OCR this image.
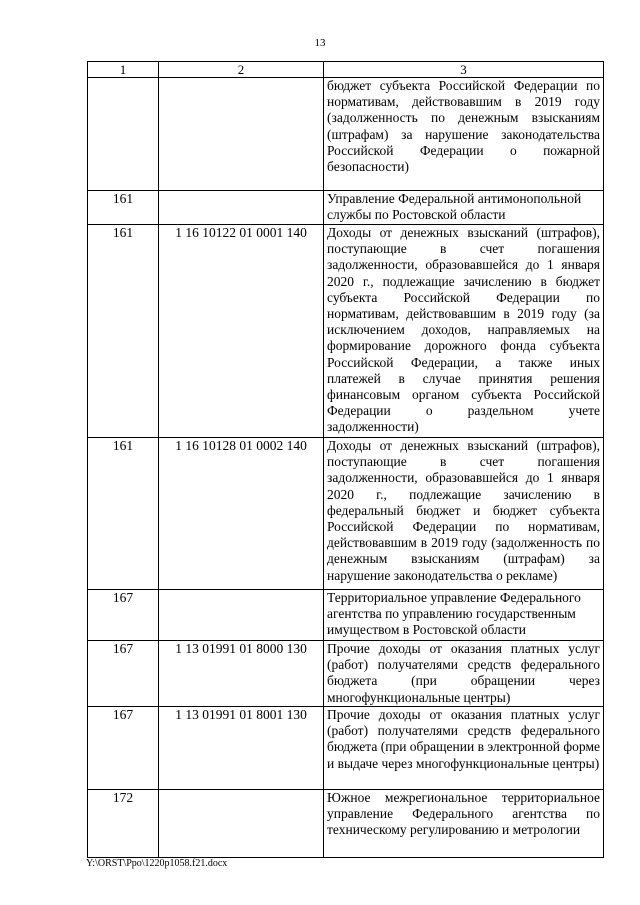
13
1	2	3
		бюджет субъекта Российской Федерации по нормативам, действовавшим в 2019 году (задолженность по денежным взысканиям (штрафам) за нарушение законодательства Российской Федерации о пожарной безопасности)
161		Управление Федеральной антимонопольной службы по Ростовской области
161	1 16 10122 01 0001 140	Доходы от денежных взысканий (штрафов), поступающие в счет погашения задолженности, образовавшейся до 1 января 2020 г., подлежащие зачислению в бюджет субъекта Российской Федерации по нормативам, действовавшим в 2019 году (за исключением доходов, направляемых на формирование дорожного фонда субъекта Российской Федерации, а также иных платежей в случае принятия решения финансовым органом субъекта Российской Федерации о раздельном учете задолженности)
161	1 16 10128 01 0002 140	Доходы от денежных взысканий (штрафов), поступающие в счет погашения задолженности, образовавшейся до 1 января 2020 г., подлежащие зачислению в федеральный бюджет и бюджет субъекта Российской Федерации по нормативам, действовавшим в 2019 году (задолженность по денежным взысканиям (штрафам) за нарушение законодательства о рекламе)
167		Территориальное управление Федерального агентства по управлению государственным имуществом в Ростовской области
167	1 13 01991 01 8000 130	Прочие доходы от оказания платных услуг (работ) получателями средств федерального бюджета (при обращении через многофункциональные центры)
167	1 13 01991 01 8001 130	Прочие доходы от оказания платных услуг (работ) получателями средств федерального бюджета (при обращении в электронной форме и выдаче через многофункциональные центры)
172		Южное межрегиональное территориальное управление Федерального агентства по техническому регулированию и метрологии
Y:\ORST\Ppo\1220p1058.f21.docx
